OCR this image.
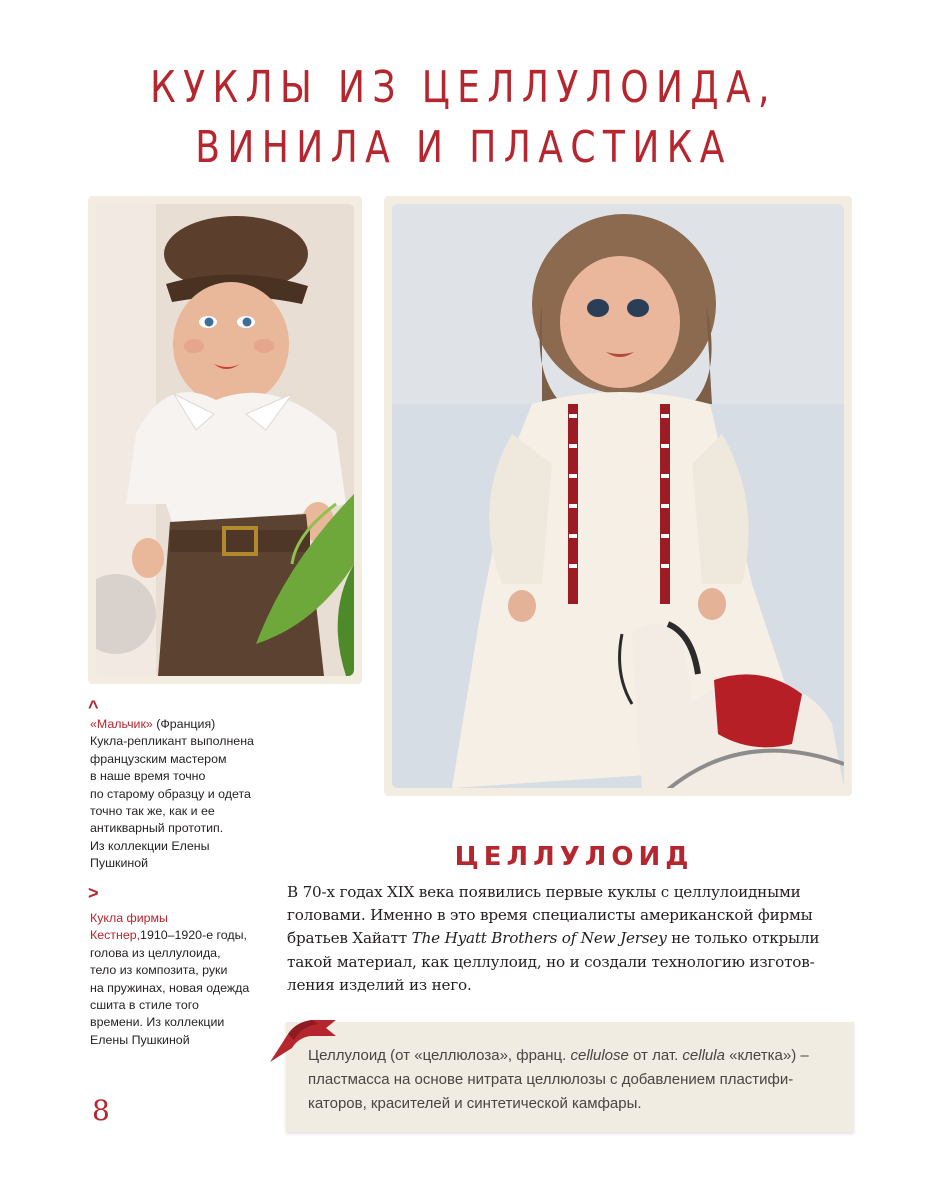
КУКЛЫ ИЗ ЦЕЛЛУЛОИДА,
ВИНИЛА И ПЛАСТИКА
^
«Мальчик» (Франция)
Кукла-репликант выполнена
французским мастером
в наше время точно
по старому образцу и одета
точно так же, как и ее
антикварный прототип.
Из коллекции Елены
Пушкиной
>
Кукла фирмы
Кестнер,1910–1920-е годы,
голова из целлулоида,
тело из композита, руки
на пружинах, новая одежда
сшита в стиле того
времени. Из коллекции
Елены Пушкиной
ЦЕЛЛУЛОИД
В 70-х годах XIX века появились первые куклы с целлулоидными
головами. Именно в это время специалисты американской фирмы
братьев Хайатт The Hyatt Brothers of New Jersey не только открыли
такой материал, как целлулоид, но и создали технологию изготов-
ления изделий из него.
Целлулоид (от «целлюлоза», франц. cellulose от лат. cellula «клетка») –
пластмасса на основе нитрата целлюлозы с добавлением пластифи-
каторов, красителей и синтетической камфары.
8
